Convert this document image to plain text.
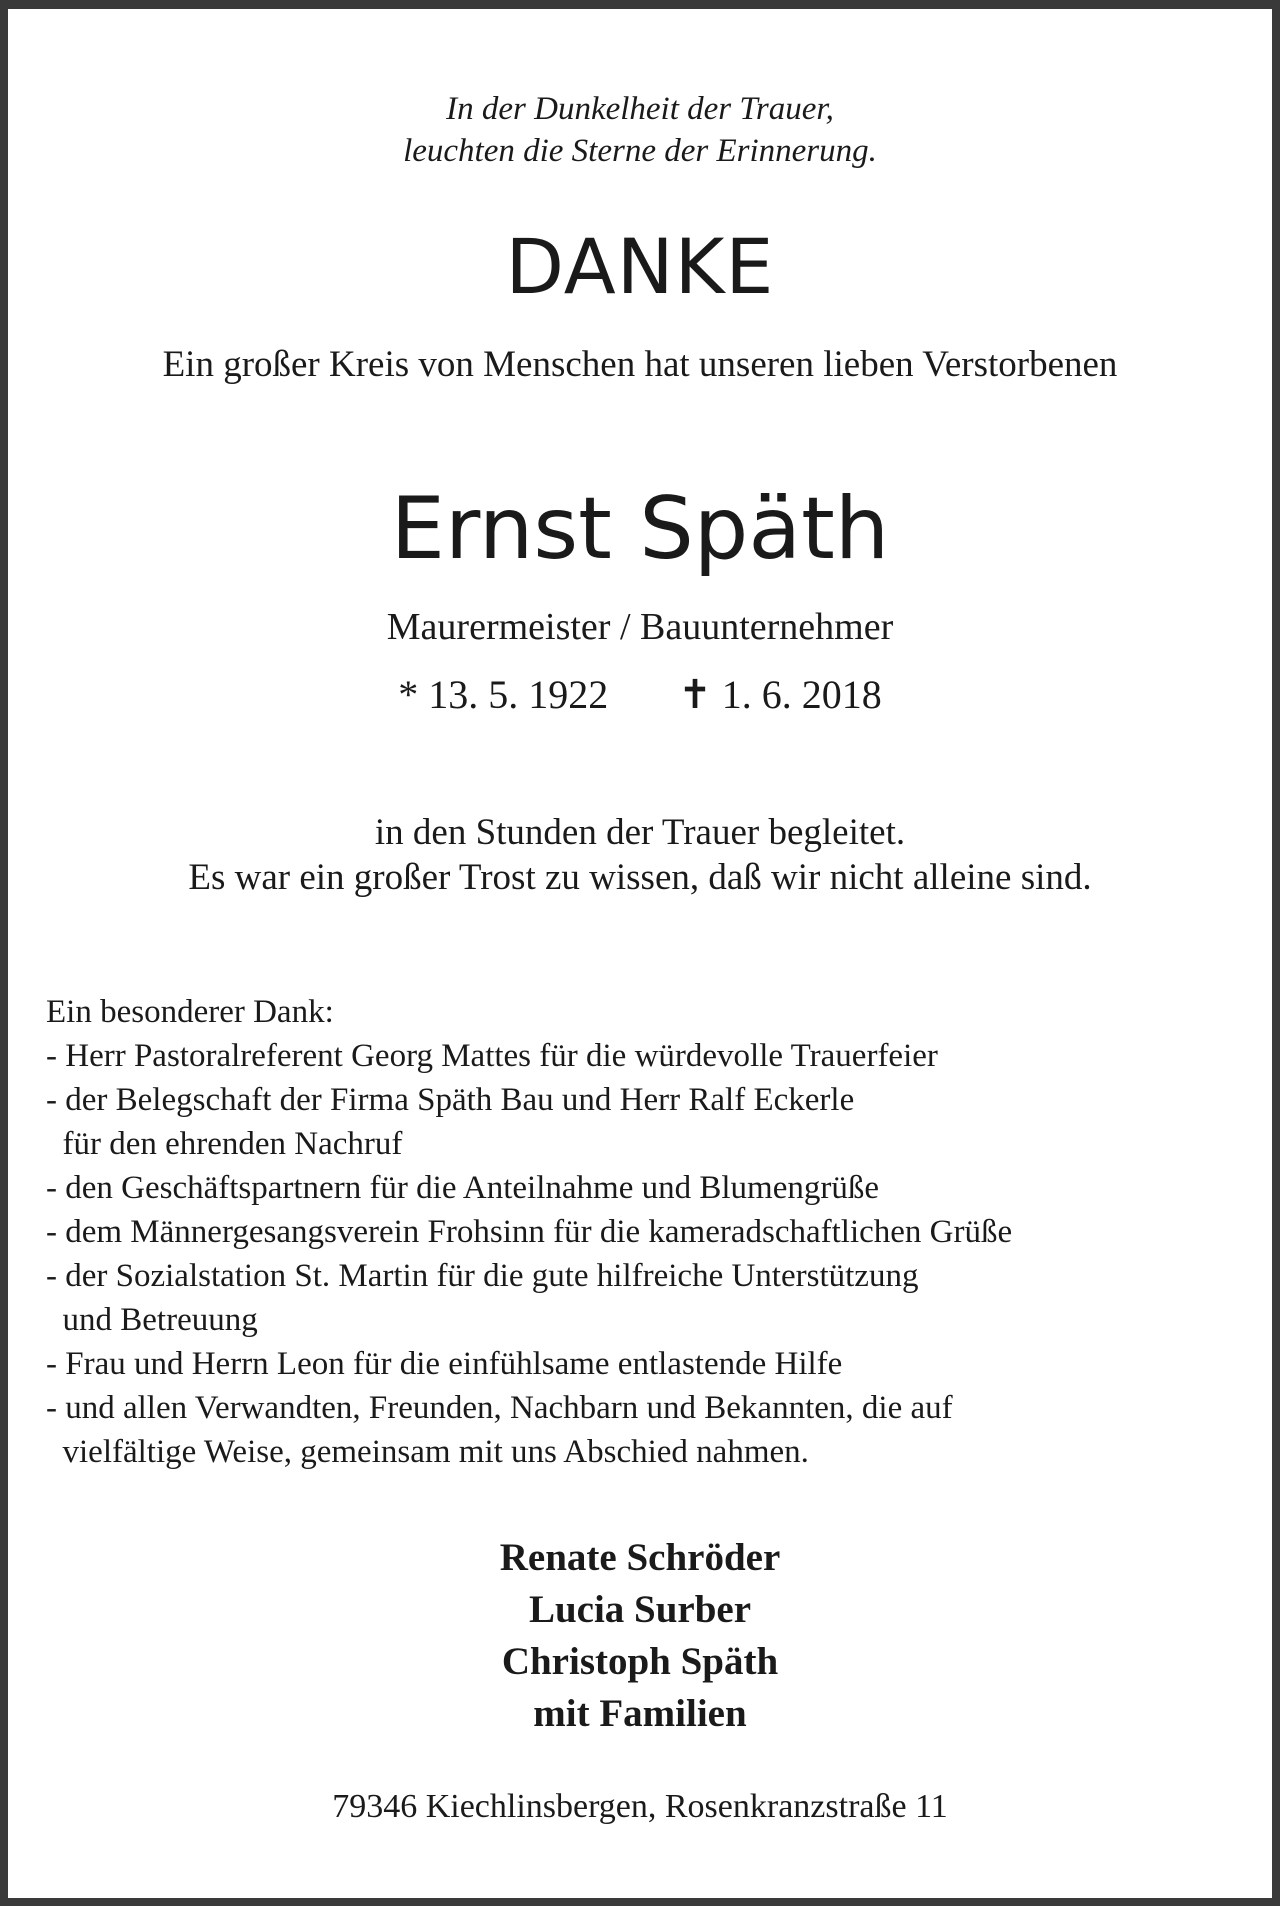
In der Dunkelheit der Trauer,
leuchten die Sterne der Erinnerung.
DANKE
Ein großer Kreis von Menschen hat unseren lieben Verstorbenen
Ernst Späth
Maurermeister / Bauunternehmer
* 13. 5. 1922 ✝ 1. 6. 2018
in den Stunden der Trauer begleitet.
Es war ein großer Trost zu wissen, daß wir nicht alleine sind.
Ein besonderer Dank:
- Herr Pastoralreferent Georg Mattes für die würdevolle Trauerfeier
- der Belegschaft der Firma Späth Bau und Herr Ralf Eckerle
für den ehrenden Nachruf
- den Geschäftspartnern für die Anteilnahme und Blumengrüße
- dem Männergesangsverein Frohsinn für die kameradschaftlichen Grüße
- der Sozialstation St. Martin für die gute hilfreiche Unterstützung
und Betreuung
- Frau und Herrn Leon für die einfühlsame entlastende Hilfe
- und allen Verwandten, Freunden, Nachbarn und Bekannten, die auf
vielfältige Weise, gemeinsam mit uns Abschied nahmen.
Renate Schröder
Lucia Surber
Christoph Späth
mit Familien
79346 Kiechlinsbergen, Rosenkranzstraße 11
